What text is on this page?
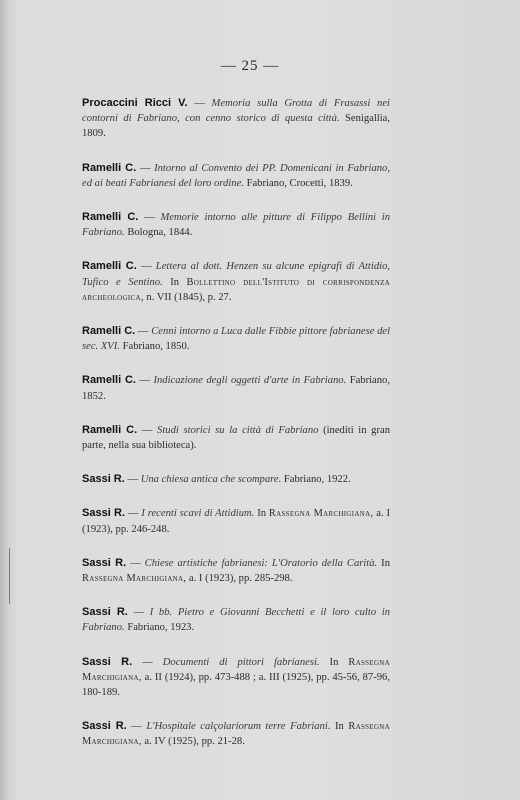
— 25 —

Procaccini Ricci V. — Memoria sulla Grotta di Frasassi nei contorni di Fabriano, con cenno storico di questa città. Senigallia, 1809.

Ramelli C. — Intorno al Convento dei PP. Domenicani in Fabriano, ed ai beati Fabrianesi del loro ordine. Fabriano, Crocetti, 1839.

Ramelli C. — Memorie intorno alle pitture di Filippo Bellini in Fabriano. Bologna, 1844.

Ramelli C. — Lettera al dott. Henzen su alcune epigrafi di Attidio, Tufico e Sentino. In Bollettino dell'Istituto di corrispondenza archeologica, n. VII (1845), p. 27.

Ramelli C. — Cenni intorno a Luca dalle Fibbie pittore fabrianese del sec. XVI. Fabriano, 1850.

Ramelli C. — Indicazione degli oggetti d'arte in Fabriano. Fabriano, 1852.

Ramelli C. — Studi storici su la città di Fabriano (inediti in gran parte, nella sua biblioteca).

Sassi R. — Una chiesa antica che scompare. Fabriano, 1922.

Sassi R. — I recenti scavi di Attidium. In Rassegna Marchigiana, a. I (1923), pp. 246-248.

Sassi R. — Chiese artistiche fabrianesi: L'Oratorio della Carità. In Rassegna Marchigiana, a. I (1923), pp. 285-298.

Sassi R. — I bb. Pietro e Giovanni Becchetti e il loro culto in Fabriano. Fabriano, 1923.

Sassi R. — Documenti di pittori fabrianesi. In Rassegna Marchigiana, a. II (1924), pp. 473-488 ; a. III (1925), pp. 45-56, 87-96, 180-189.

Sassi R. — L'Hospitale calçolariorum terre Fabriani. In Rassegna Marchigiana, a. IV (1925), pp. 21-28.
